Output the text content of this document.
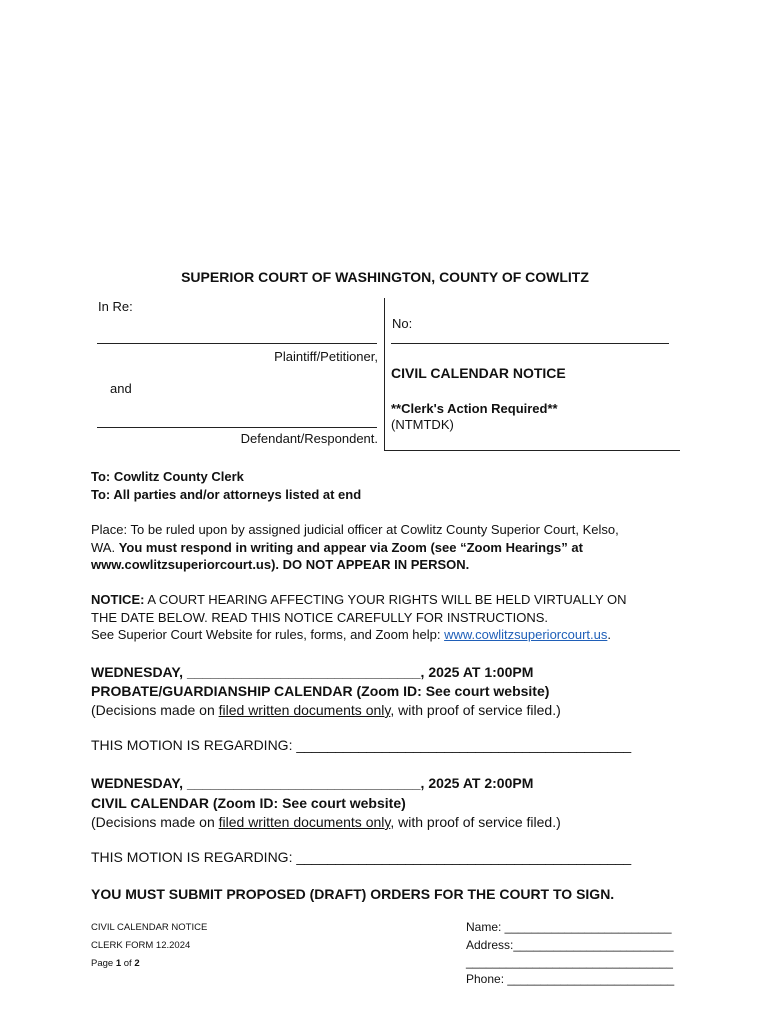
SUPERIOR COURT OF WASHINGTON, COUNTY OF COWLITZ
In Re:
Plaintiff/Petitioner,
and
Defendant/Respondent.
No:
CIVIL CALENDAR NOTICE
**Clerk's Action Required**
(NTMTDK)
To: Cowlitz County Clerk
To: All parties and/or attorneys listed at end
Place: To be ruled upon by assigned judicial officer at Cowlitz County Superior Court, Kelso,
WA. You must respond in writing and appear via Zoom (see “Zoom Hearings” at
www.cowlitzsuperiorcourt.us). DO NOT APPEAR IN PERSON.
NOTICE: A COURT HEARING AFFECTING YOUR RIGHTS WILL BE HELD VIRTUALLY ON
THE DATE BELOW. READ THIS NOTICE CAREFULLY FOR INSTRUCTIONS.
See Superior Court Website for rules, forms, and Zoom help: www.cowlitzsuperiorcourt.us.
WEDNESDAY, ______________________________, 2025 AT 1:00PM
PROBATE/GUARDIANSHIP CALENDAR (Zoom ID: See court website)
(Decisions made on filed written documents only, with proof of service filed.)
THIS MOTION IS REGARDING: ___________________________________________
WEDNESDAY, ______________________________, 2025 AT 2:00PM
CIVIL CALENDAR (Zoom ID: See court website)
(Decisions made on filed written documents only, with proof of service filed.)
THIS MOTION IS REGARDING: ___________________________________________
YOU MUST SUBMIT PROPOSED (DRAFT) ORDERS FOR THE COURT TO SIGN.
CIVIL CALENDAR NOTICE
CLERK FORM 12.2024
Page 1 of 2
Name: _________________________
Address:________________________
_______________________________
Phone: _________________________
